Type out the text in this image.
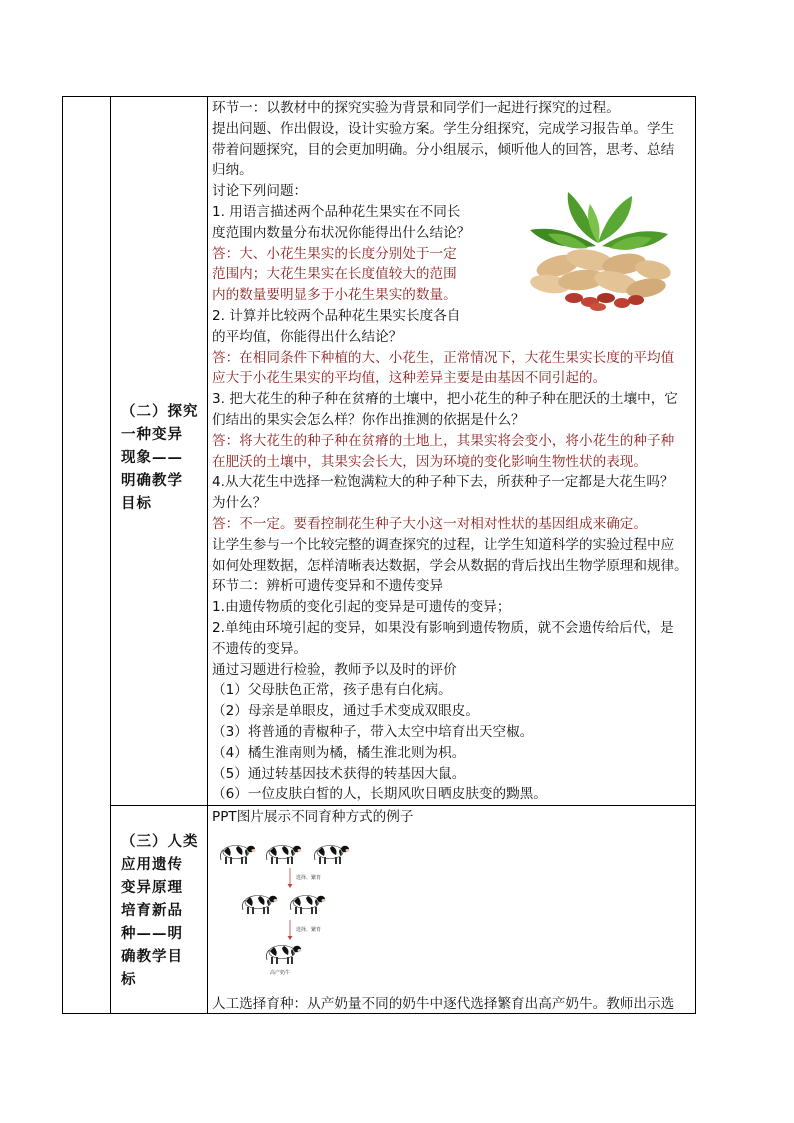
（二）探究
一种变异
现象——
明确教学
目标

环节一：以教材中的探究实验为背景和同学们一起进行探究的过程。

提出问题、作出假设，设计实验方案。学生分组探究，完成学习报告单。学生

带着问题探究，目的会更加明确。分小组展示，倾听他人的回答，思考、总结

归纳。

讨论下列问题：

1. 用语言描述两个品种花生果实在不同长

度范围内数量分布状况你能得出什么结论？

答：大、小花生果实的长度分别处于一定

范围内；大花生果实在长度值较大的范围

内的数量要明显多于小花生果实的数量。

2. 计算并比较两个品种花生果实长度各自

的平均值，你能得出什么结论？

答：在相同条件下种植的大、小花生，正常情况下，大花生果实长度的平均值

应大于小花生果实的平均值，这种差异主要是由基因不同引起的。

3. 把大花生的种子种在贫瘠的土壤中，把小花生的种子种在肥沃的土壤中，它

们结出的果实会怎么样？你作出推测的依据是什么？

答：将大花生的种子种在贫瘠的土地上，其果实将会变小，将小花生的种子种

在肥沃的土壤中，其果实会长大，因为环境的变化影响生物性状的表现。

4.从大花生中选择一粒饱满粒大的种子种下去，所获种子一定都是大花生吗？

为什么？

答：不一定。要看控制花生种子大小这一对相对性状的基因组成来确定。

让学生参与一个比较完整的调查探究的过程，让学生知道科学的实验过程中应

如何处理数据，怎样清晰表达数据，学会从数据的背后找出生物学原理和规律。

环节二：辨析可遗传变异和不遗传变异

1.由遗传物质的变化引起的变异是可遗传的变异；

2.单纯由环境引起的变异，如果没有影响到遗传物质，就不会遗传给后代，是

不遗传的变异。

通过习题进行检验，教师予以及时的评价

（1）父母肤色正常，孩子患有白化病。

（2）母亲是单眼皮，通过手术变成双眼皮。

（3）将普通的青椒种子，带入太空中培育出天空椒。

（4）橘生淮南则为橘，橘生淮北则为枳。

（5）通过转基因技术获得的转基因大鼠。

（6）一位皮肤白皙的人，长期风吹日晒皮肤变的黝黑。

（三）人类
应用遗传
变异原理
培育新品
种——明
确教学目
标

PPT图片展示不同育种方式的例子

选择、繁育
选择、繁育
高产奶牛

人工选择育种：从产奶量不同的奶牛中逐代选择繁育出高产奶牛。教师出示选
